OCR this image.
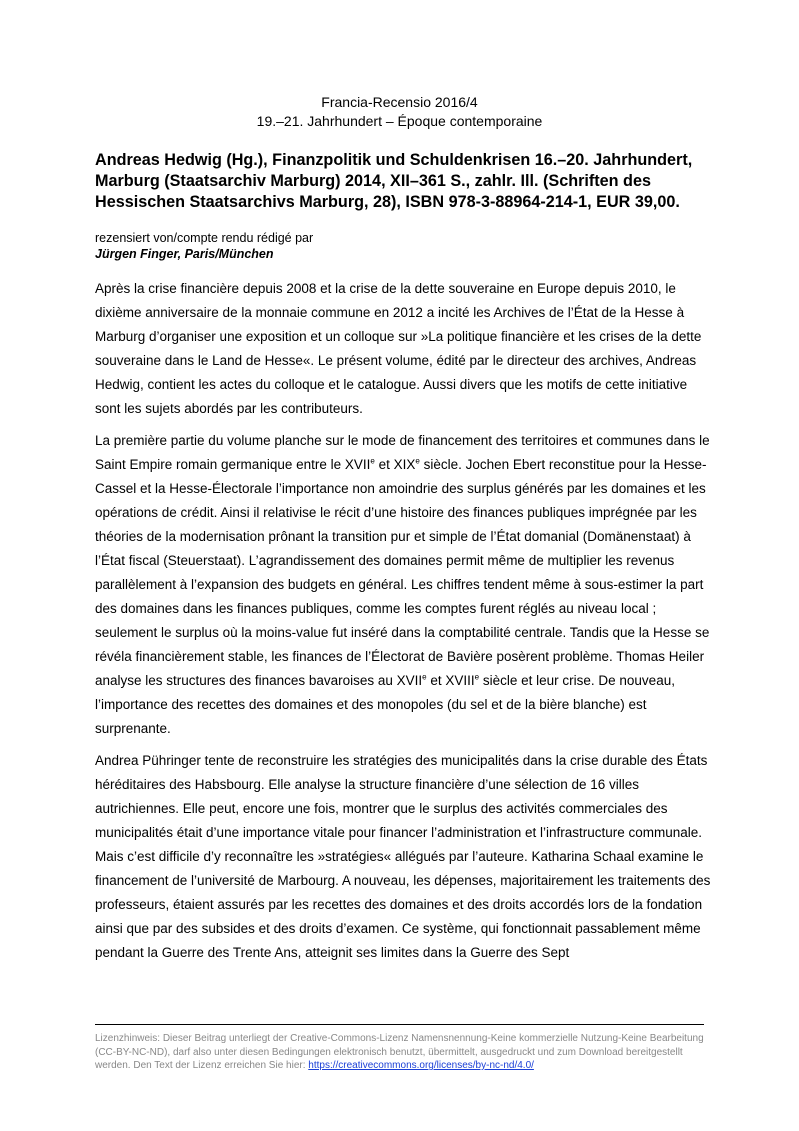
Francia-Recensio 2016/4
19.–21. Jahrhundert – Époque contemporaine
Andreas Hedwig (Hg.), Finanzpolitik und Schuldenkrisen 16.–20. Jahrhundert, Marburg (Staatsarchiv Marburg) 2014, XII–361 S., zahlr. Ill. (Schriften des Hessischen Staatsarchivs Marburg, 28), ISBN 978-3-88964-214-1, EUR 39,00.
rezensiert von/compte rendu rédigé par
Jürgen Finger, Paris/München

Après la crise financière depuis 2008 et la crise de la dette souveraine en Europe depuis 2010, le dixième anniversaire de la monnaie commune en 2012 a incité les Archives de l’État de la Hesse à Marburg d’organiser une exposition et un colloque sur »La politique financière et les crises de la dette souveraine dans le Land de Hesse«. Le présent volume, édité par le directeur des archives, Andreas Hedwig, contient les actes du colloque et le catalogue. Aussi divers que les motifs de cette initiative sont les sujets abordés par les contributeurs.

La première partie du volume planche sur le mode de financement des territoires et communes dans le Saint Empire romain germanique entre le XVIIe et XIXe siècle. Jochen Ebert reconstitue pour la Hesse-Cassel et la Hesse-Électorale l’importance non amoindrie des surplus générés par les domaines et les opérations de crédit. Ainsi il relativise le récit d’une histoire des finances publiques imprégnée par les théories de la modernisation prônant la transition pur et simple de l’État domanial (Domänenstaat) à l’État fiscal (Steuerstaat). L’agrandissement des domaines permit même de multiplier les revenus parallèlement à l’expansion des budgets en général. Les chiffres tendent même à sous-estimer la part des domaines dans les finances publiques, comme les comptes furent réglés au niveau local ; seulement le surplus où la moins-value fut inséré dans la comptabilité centrale. Tandis que la Hesse se révéla financièrement stable, les finances de l’Électorat de Bavière posèrent problème. Thomas Heiler analyse les structures des finances bavaroises au XVIIe et XVIIIe siècle et leur crise. De nouveau, l’importance des recettes des domaines et des monopoles (du sel et de la bière blanche) est surprenante.

Andrea Pühringer tente de reconstruire les stratégies des municipalités dans la crise durable des États héréditaires des Habsbourg. Elle analyse la structure financière d’une sélection de 16 villes autrichiennes. Elle peut, encore une fois, montrer que le surplus des activités commerciales des municipalités était d’une importance vitale pour financer l’administration et l’infrastructure communale. Mais c’est difficile d’y reconnaître les »stratégies« allégués par l’auteure. Katharina Schaal examine le financement de l’université de Marbourg. A nouveau, les dépenses, majoritairement les traitements des professeurs, étaient assurés par les recettes des domaines et des droits accordés lors de la fondation ainsi que par des subsides et des droits d’examen. Ce système, qui fonctionnait passablement même pendant la Guerre des Trente Ans, atteignit ses limites dans la Guerre des Sept

Lizenzhinweis: Dieser Beitrag unterliegt der Creative-Commons-Lizenz Namensnennung-Keine kommerzielle Nutzung-Keine Bearbeitung (CC-BY-NC-ND), darf also unter diesen Bedingungen elektronisch benutzt, übermittelt, ausgedruckt und zum Download bereitgestellt werden. Den Text der Lizenz erreichen Sie hier: https://creativecommons.org/licenses/by-nc-nd/4.0/
